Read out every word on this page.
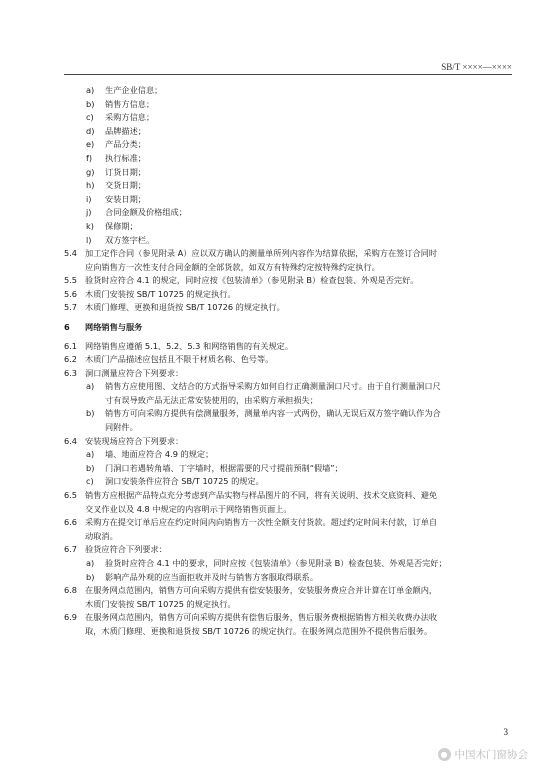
SB/T ××××—××××
a) 生产企业信息；
b) 销售方信息；
c) 采购方信息；
d) 品牌描述；
e) 产品分类；
f) 执行标准；
g) 订货日期；
h) 交货日期；
i) 安装日期；
j) 合同金额及价格组成；
k) 保修期；
l) 双方签字栏。
5.4 加工定作合同（参见附录 A）应以双方确认的测量单所列内容作为结算依据，采购方在签订合同时
应向销售方一次性支付合同金额的全部货款，如双方有特殊约定按特殊约定执行。
5.5 验货时应符合 4.1 的规定，同时应按《包装清单》（参见附录 B）检查包装、外观是否完好。
5.6 木质门安装按 SB/T 10725 的规定执行。
5.7 木质门修理、更换和退货按 SB/T 10726 的规定执行。
6 网络销售与服务
6.1 网络销售应遵循 5.1、5.2、5.3 和网络销售的有关规定。
6.2 木质门产品描述应包括且不限于材质名称、色号等。
6.3 洞口测量应符合下列要求：
a) 销售方应使用图、文结合的方式指导采购方如何自行正确测量洞口尺寸。由于自行测量洞口尺
寸有误导致产品无法正常安装使用的，由采购方承担损失；
b) 销售方可向采购方提供有偿测量服务，测量单内容一式两份，确认无误后双方签字确认作为合
同附件。
6.4 安装现场应符合下列要求：
a) 墙、地面应符合 4.9 的规定；
b) 门洞口若遇转角墙、丁字墙时，根据需要的尺寸提前预制“假墙”；
c) 洞口安装条件应符合 SB/T 10725 的规定。
6.5 销售方应根据产品特点充分考虑到产品实物与样品图片的不同，将有关说明、技术交底资料、避免
交叉作业以及 4.8 中规定的内容明示于网络销售页面上。
6.6 采购方在提交订单后应在约定时间内向销售方一次性全额支付货款。超过约定时间未付款，订单自
动取消。
6.7 验货应符合下列要求：
a) 验货时应符合 4.1 中的要求，同时应按《包装清单》（参见附录 B）检查包装、外观是否完好；
b) 影响产品外观的应当面拒收并及时与销售方客服取得联系。
6.8 在服务网点范围内，销售方可向采购方提供有偿安装服务，安装服务费应合并计算在订单金额内，
木质门安装按 SB/T 10725 的规定执行。
6.9 在服务网点范围内，销售方可向采购方提供有偿售后服务，售后服务费根据销售方相关收费办法收
取，木质门修理、更换和退货按 SB/T 10726 的规定执行。在服务网点范围外不提供售后服务。
3
● 中国木门窗协会
